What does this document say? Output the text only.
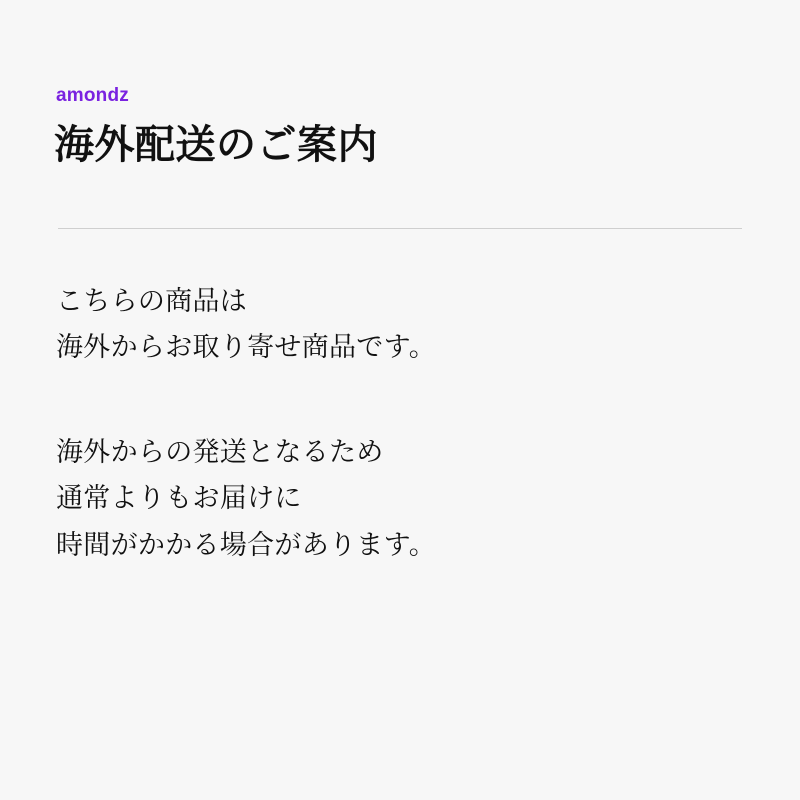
amondz
海外配送のご案内

こちらの商品は
海外からお取り寄せ商品です。

海外からの発送となるため
通常よりもお届けに
時間がかかる場合があります。
